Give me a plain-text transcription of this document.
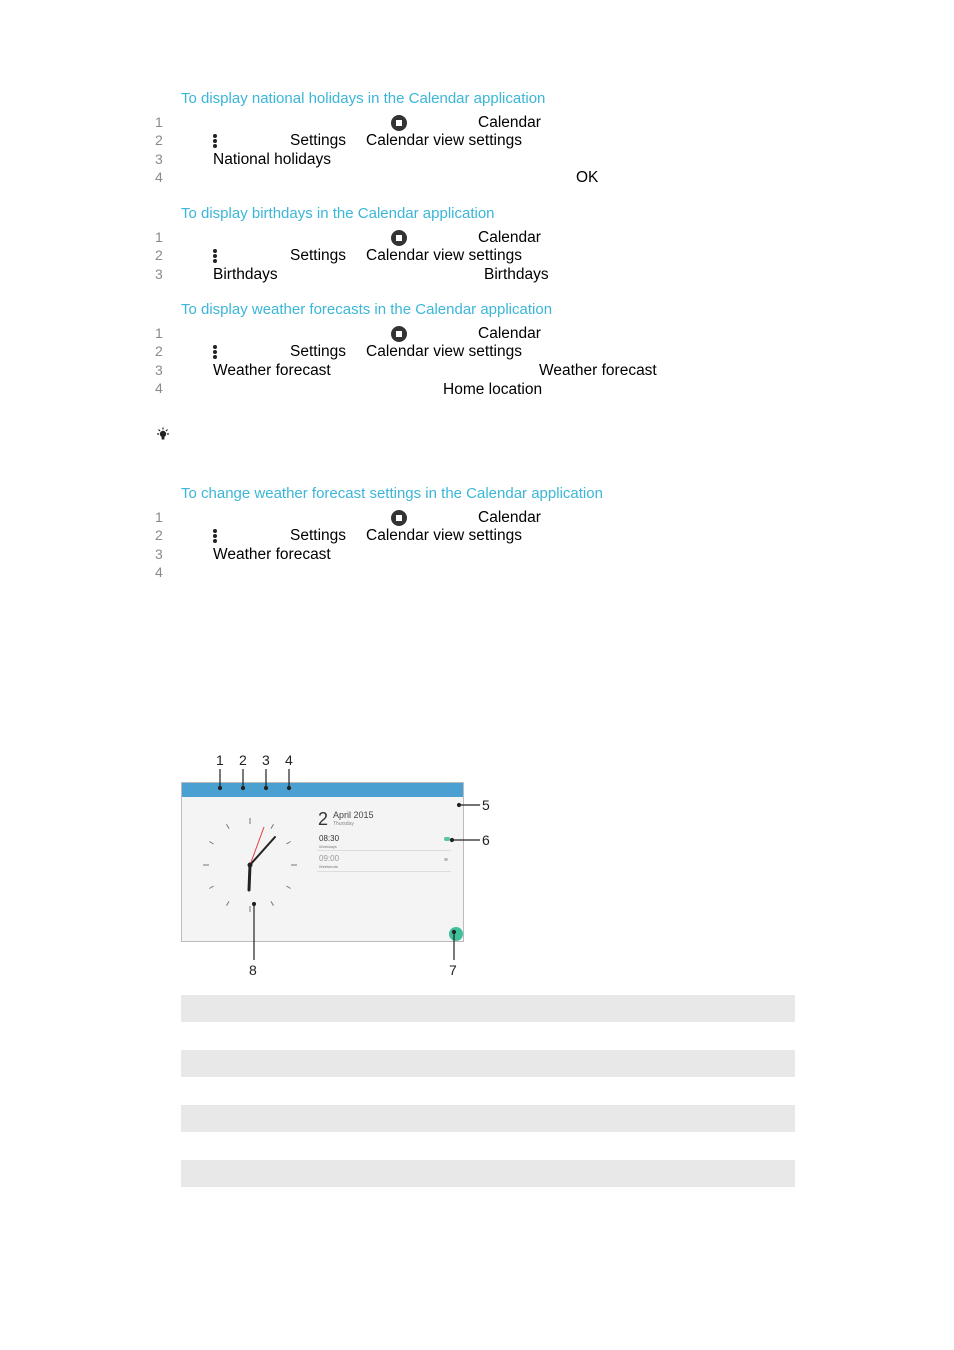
To display national holidays in the Calendar application
1
2
3
4
Calendar
Settings Calendar view settings
National holidays
OK
To display birthdays in the Calendar application
1
2
3
Calendar
Settings Calendar view settings
Birthdays	Birthdays
To display weather forecasts in the Calendar application
1
2
3
4
Calendar
Settings Calendar view settings
Weather forecast	Weather forecast
Home location
To change weather forecast settings in the Calendar application
1
2
3
4
Calendar
Settings Calendar view settings
Weather forecast
1 2 3 4
5
6
7
8
2 April 2015
Thursday
08:30
Workdays
09:00
Weekends
